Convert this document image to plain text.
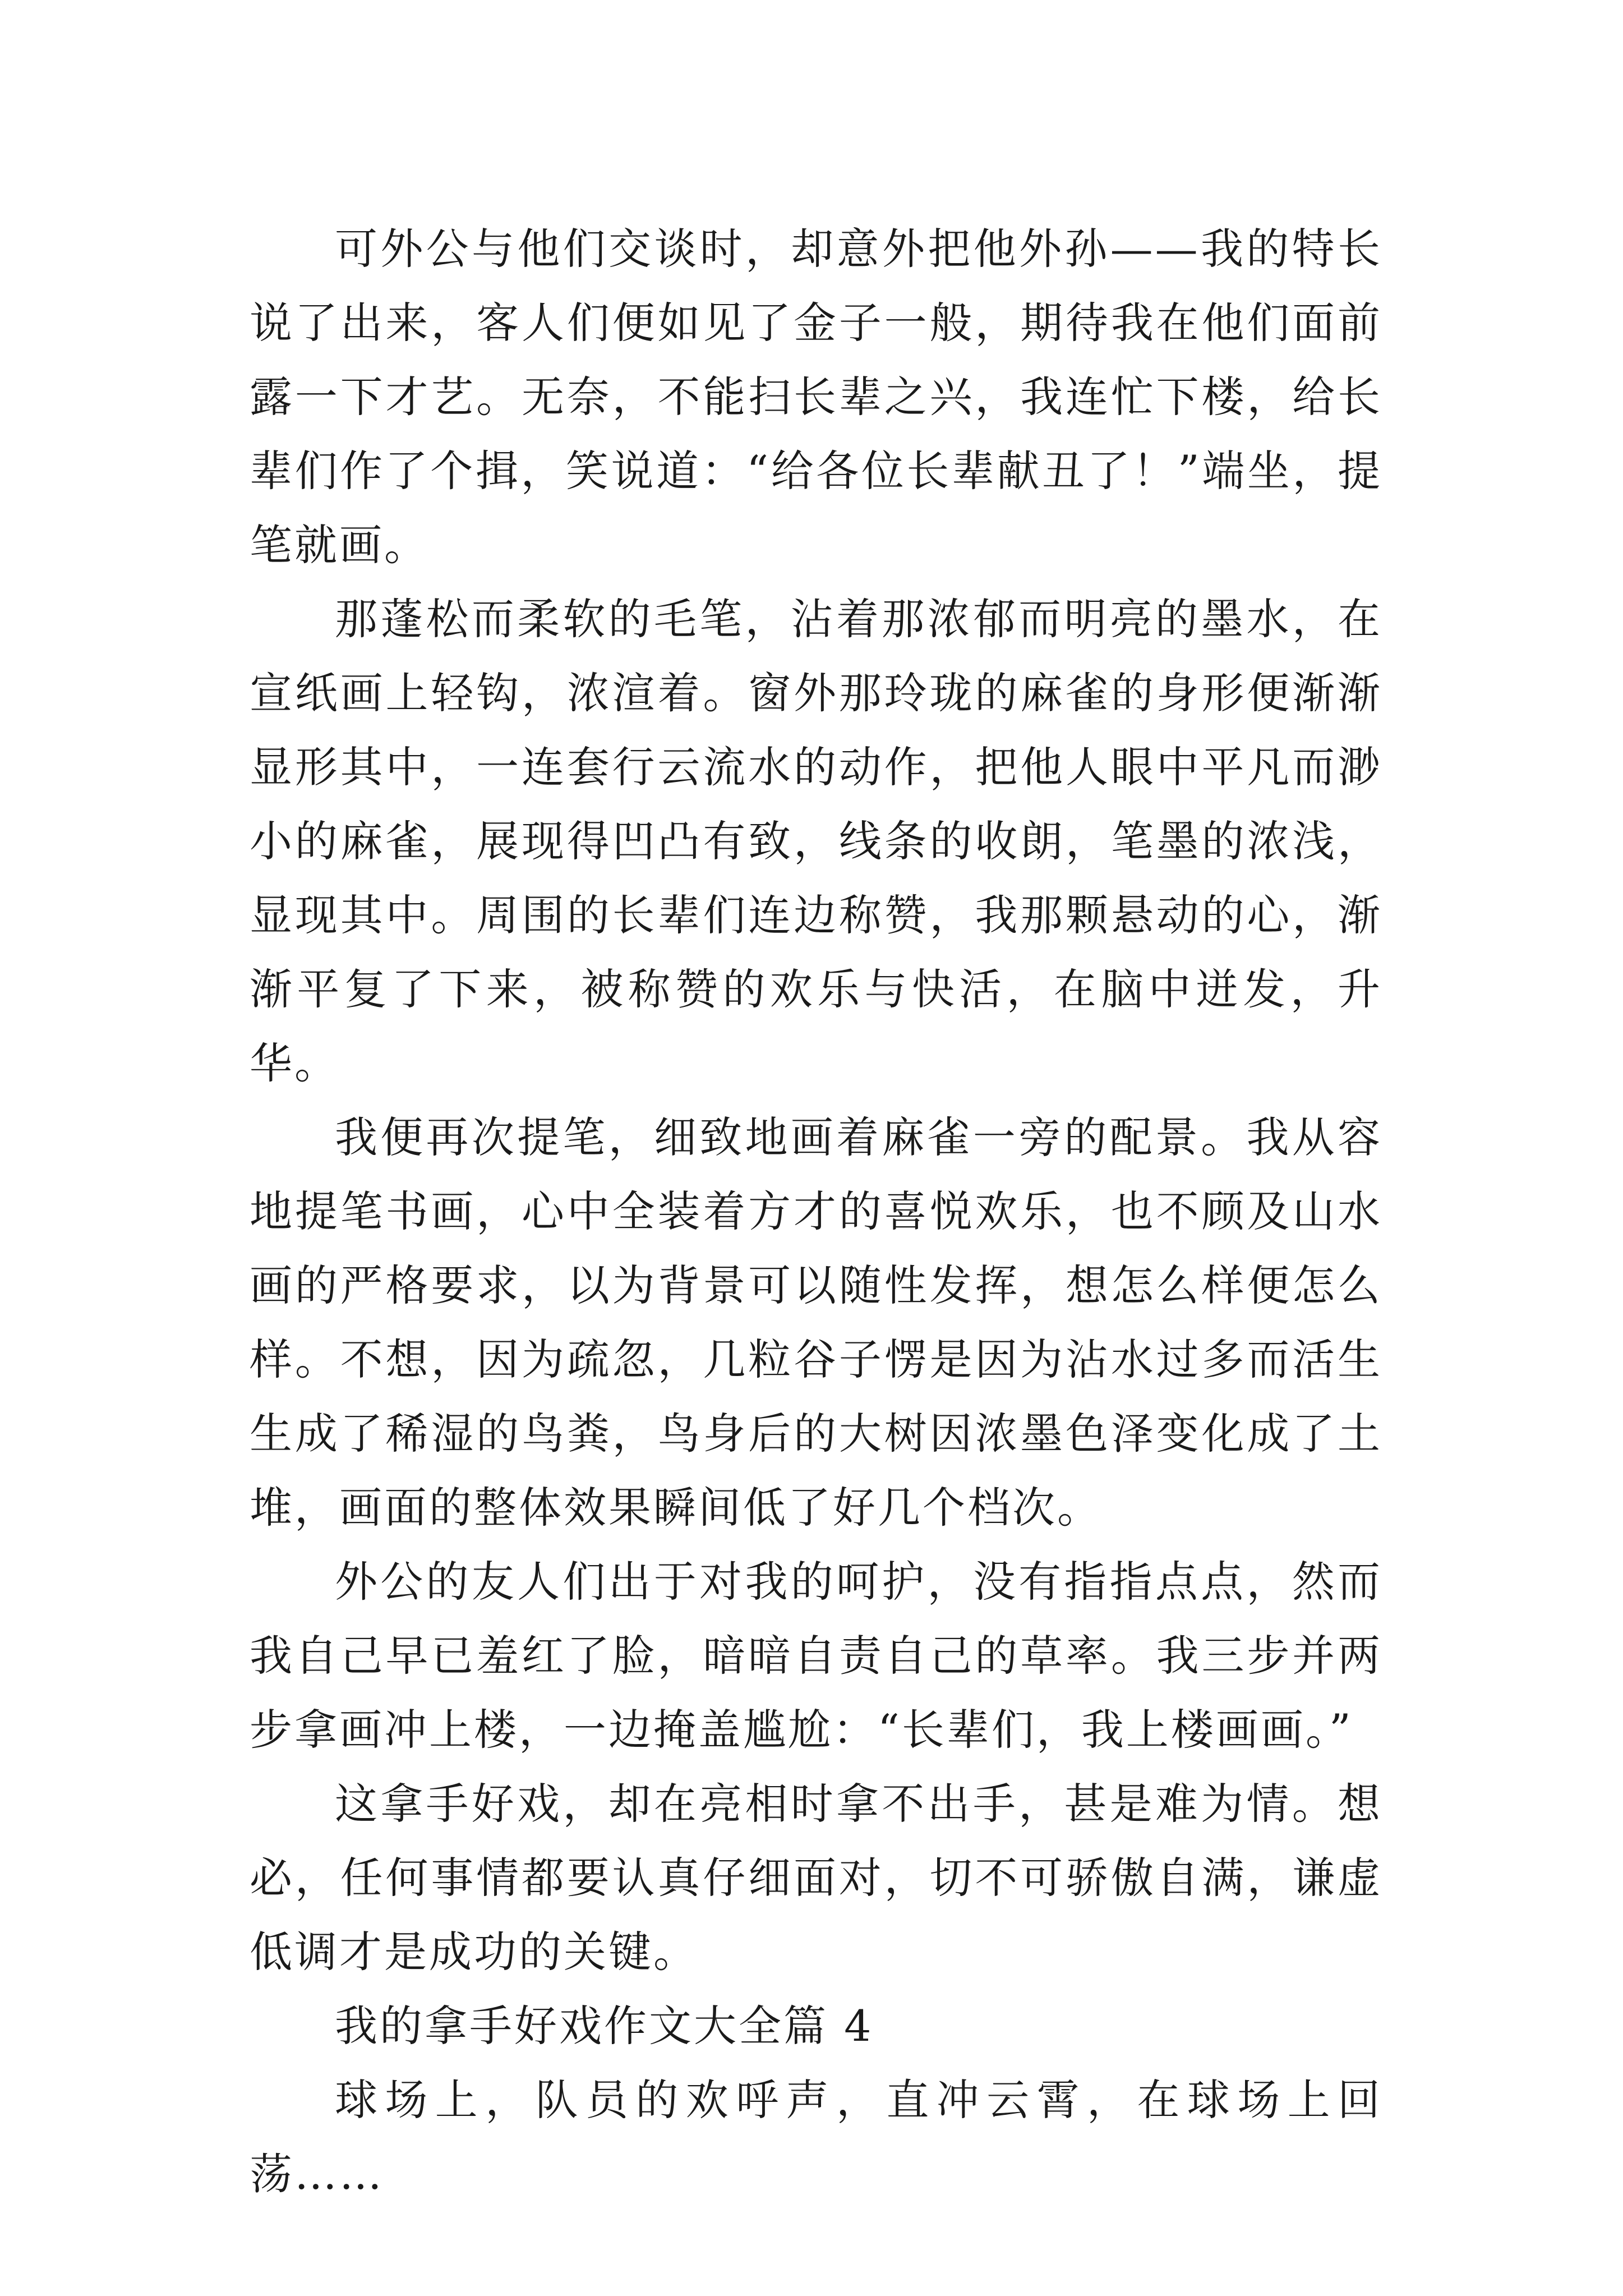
可外公与他们交谈时，却意外把他外孙——我的特长说了出来，客人们便如见了金子一般，期待我在他们面前露一下才艺。无奈，不能扫长辈之兴，我连忙下楼，给长辈们作了个揖，笑说道：“给各位长辈献丑了！”端坐，提笔就画。

那蓬松而柔软的毛笔，沾着那浓郁而明亮的墨水，在宣纸画上轻钩，浓渲着。窗外那玲珑的麻雀的身形便渐渐显形其中，一连套行云流水的动作，把他人眼中平凡而渺小的麻雀，展现得凹凸有致，线条的收朗，笔墨的浓浅，显现其中。周围的长辈们连边称赞，我那颗悬动的心，渐渐平复了下来，被称赞的欢乐与快活，在脑中迸发，升华。

我便再次提笔，细致地画着麻雀一旁的配景。我从容地提笔书画，心中全装着方才的喜悦欢乐，也不顾及山水画的严格要求，以为背景可以随性发挥，想怎么样便怎么样。不想，因为疏忽，几粒谷子愣是因为沾水过多而活生生成了稀湿的鸟粪，鸟身后的大树因浓墨色泽变化成了土堆，画面的整体效果瞬间低了好几个档次。

外公的友人们出于对我的呵护，没有指指点点，然而我自己早已羞红了脸，暗暗自责自己的草率。我三步并两步拿画冲上楼，一边掩盖尴尬：“长辈们，我上楼画画。”

这拿手好戏，却在亮相时拿不出手，甚是难为情。想必，任何事情都要认真仔细面对，切不可骄傲自满，谦虚低调才是成功的关键。

我的拿手好戏作文大全篇 4

球场上，队员的欢呼声，直冲云霄，在球场上回荡……
